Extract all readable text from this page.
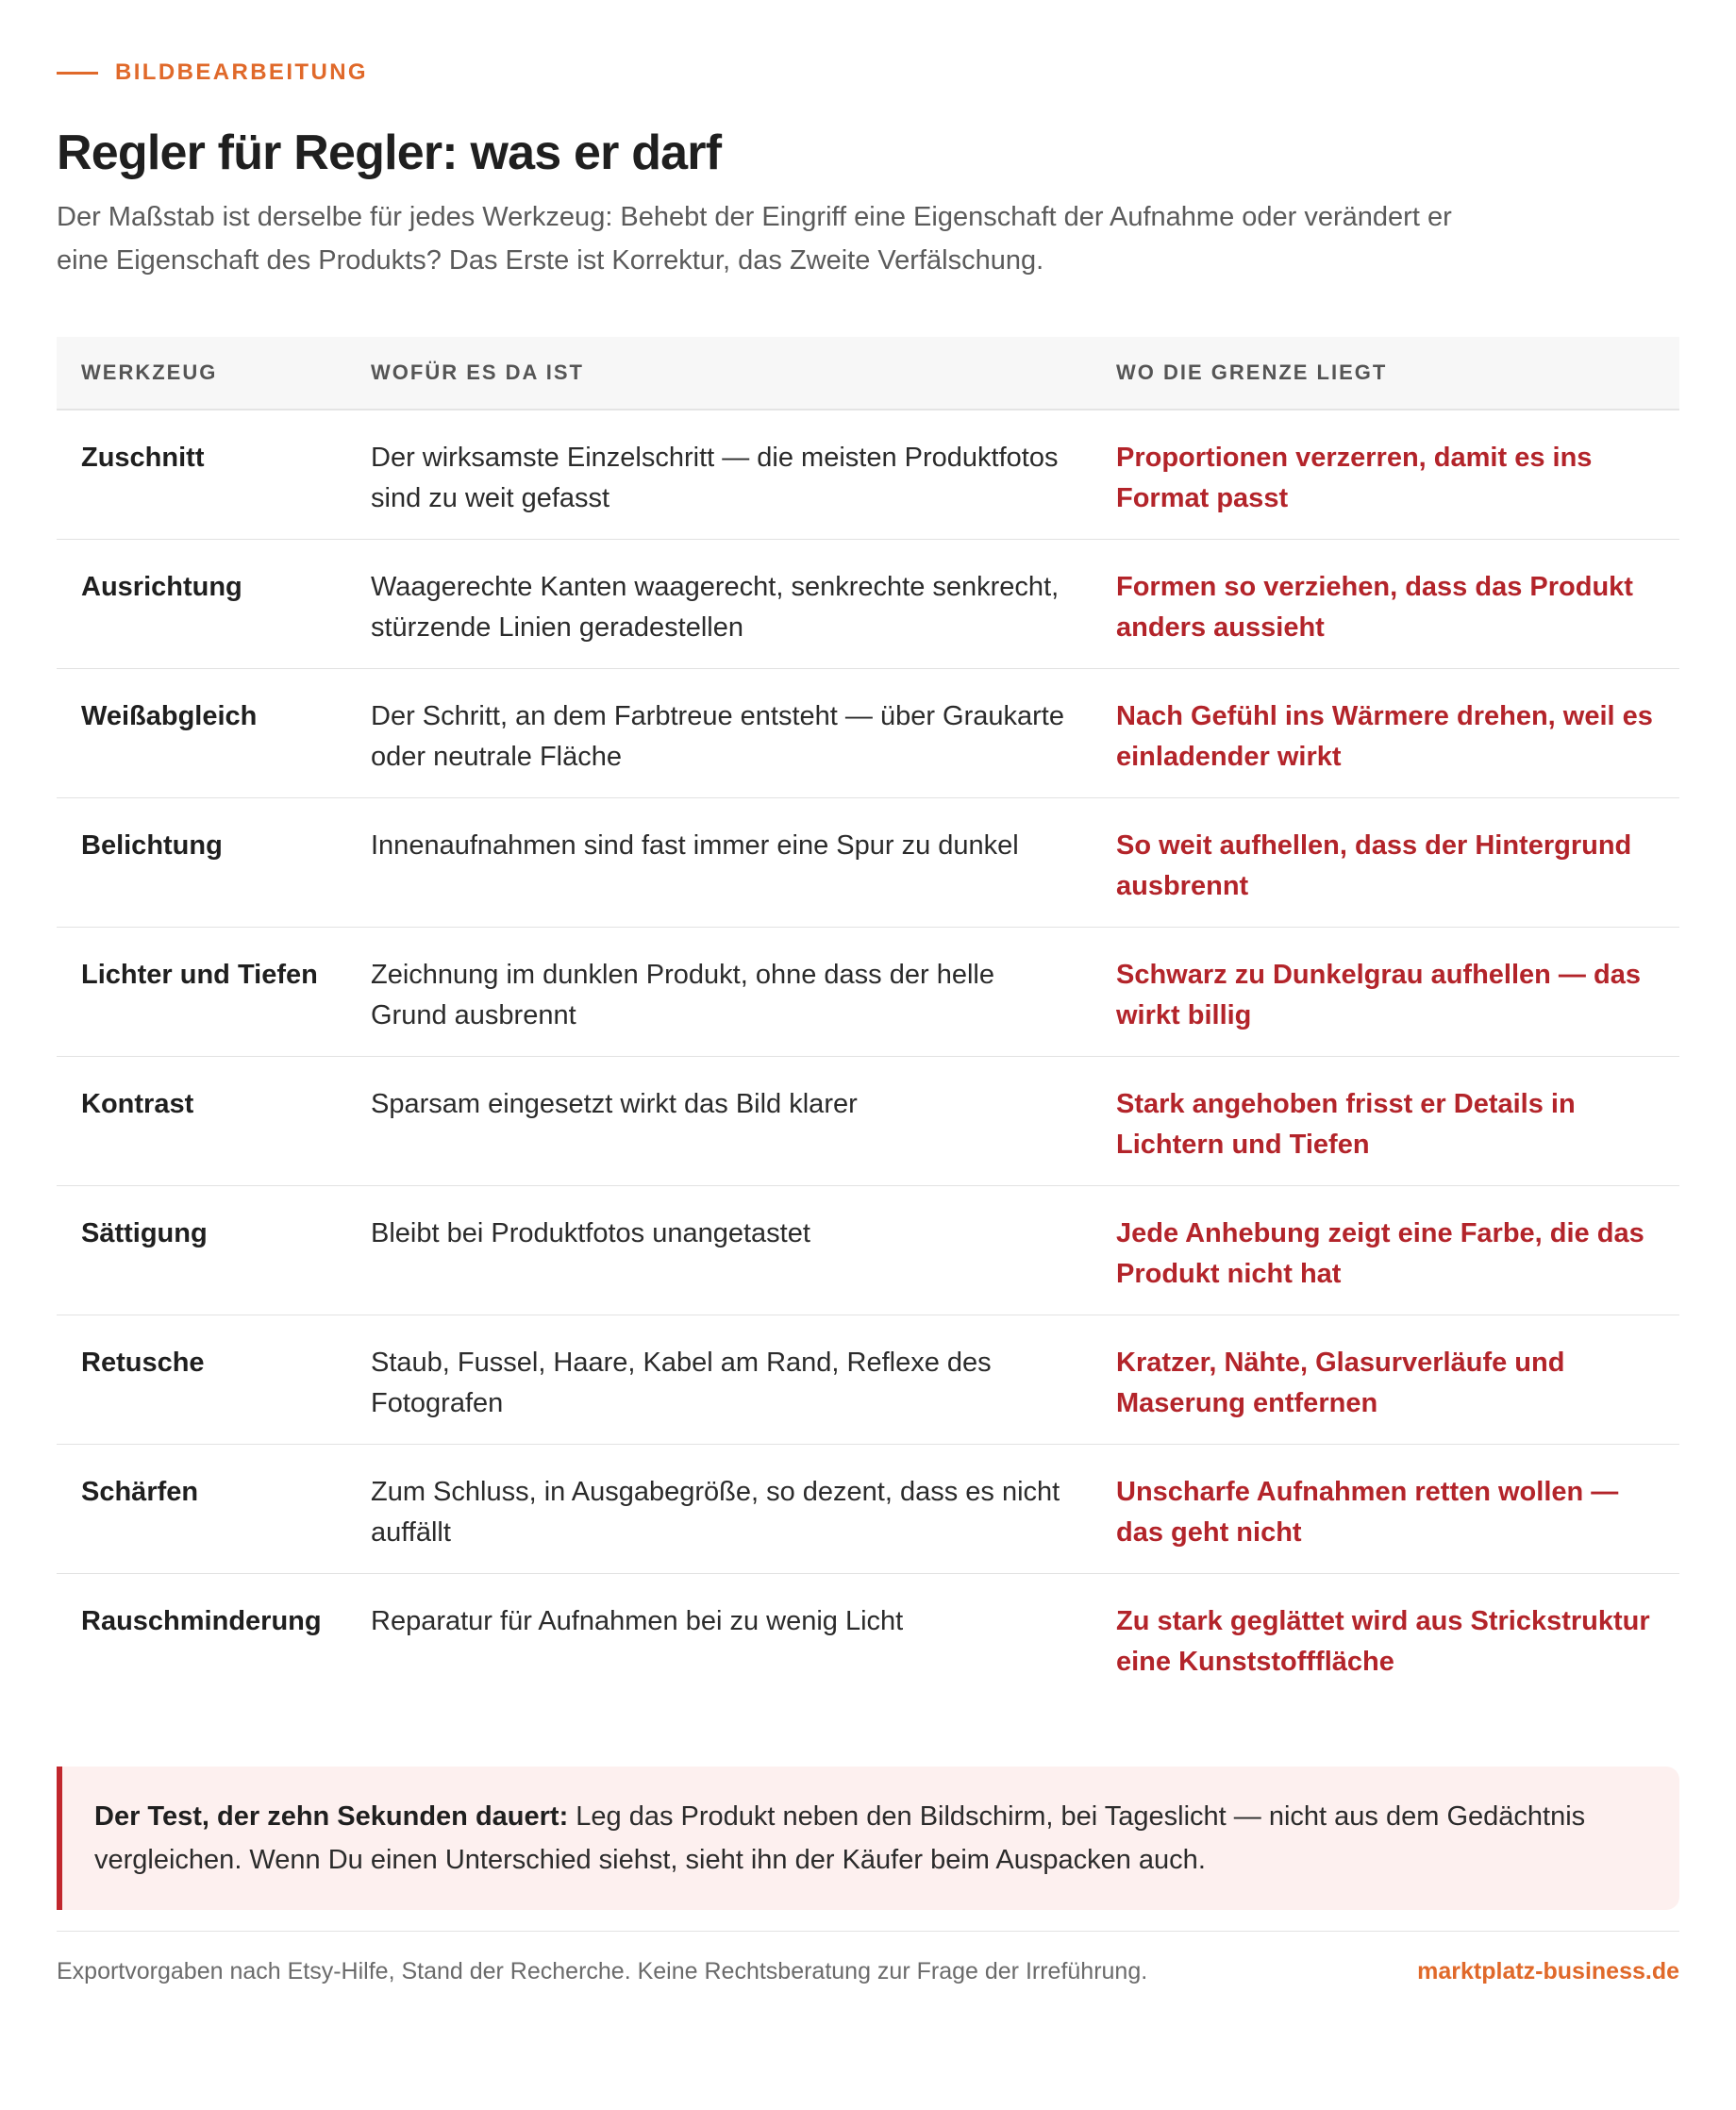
BILDBEARBEITUNG
Regler für Regler: was er darf

Der Maßstab ist derselbe für jedes Werkzeug: Behebt der Eingriff eine Eigenschaft der Aufnahme oder verändert er eine Eigenschaft des Produkts? Das Erste ist Korrektur, das Zweite Verfälschung.

WERKZEUG	WOFÜR ES DA IST	WO DIE GRENZE LIEGT
Zuschnitt	Der wirksamste Einzelschritt — die meisten Produktfotos sind zu weit gefasst	Proportionen verzerren, damit es ins Format passt
Ausrichtung	Waagerechte Kanten waagerecht, senkrechte senkrecht, stürzende Linien geradestellen	Formen so verziehen, dass das Produkt anders aussieht
Weißabgleich	Der Schritt, an dem Farbtreue entsteht — über Graukarte oder neutrale Fläche	Nach Gefühl ins Wärmere drehen, weil es einladender wirkt
Belichtung	Innenaufnahmen sind fast immer eine Spur zu dunkel	So weit aufhellen, dass der Hintergrund ausbrennt
Lichter und Tiefen	Zeichnung im dunklen Produkt, ohne dass der helle Grund ausbrennt	Schwarz zu Dunkelgrau aufhellen — das wirkt billig
Kontrast	Sparsam eingesetzt wirkt das Bild klarer	Stark angehoben frisst er Details in Lichtern und Tiefen
Sättigung	Bleibt bei Produktfotos unangetastet	Jede Anhebung zeigt eine Farbe, die das Produkt nicht hat
Retusche	Staub, Fussel, Haare, Kabel am Rand, Reflexe des Fotografen	Kratzer, Nähte, Glasurverläufe und Maserung entfernen
Schärfen	Zum Schluss, in Ausgabegröße, so dezent, dass es nicht auffällt	Unscharfe Aufnahmen retten wollen — das geht nicht
Rauschminderung	Reparatur für Aufnahmen bei zu wenig Licht	Zu stark geglättet wird aus Strickstruktur eine Kunststofffläche
Der Test, der zehn Sekunden dauert: Leg das Produkt neben den Bildschirm, bei Tageslicht — nicht aus dem Gedächtnis vergleichen. Wenn Du einen Unterschied siehst, sieht ihn der Käufer beim Auspacken auch.
Exportvorgaben nach Etsy-Hilfe, Stand der Recherche. Keine Rechtsberatung zur Frage der Irreführung.	marktplatz-business.de
